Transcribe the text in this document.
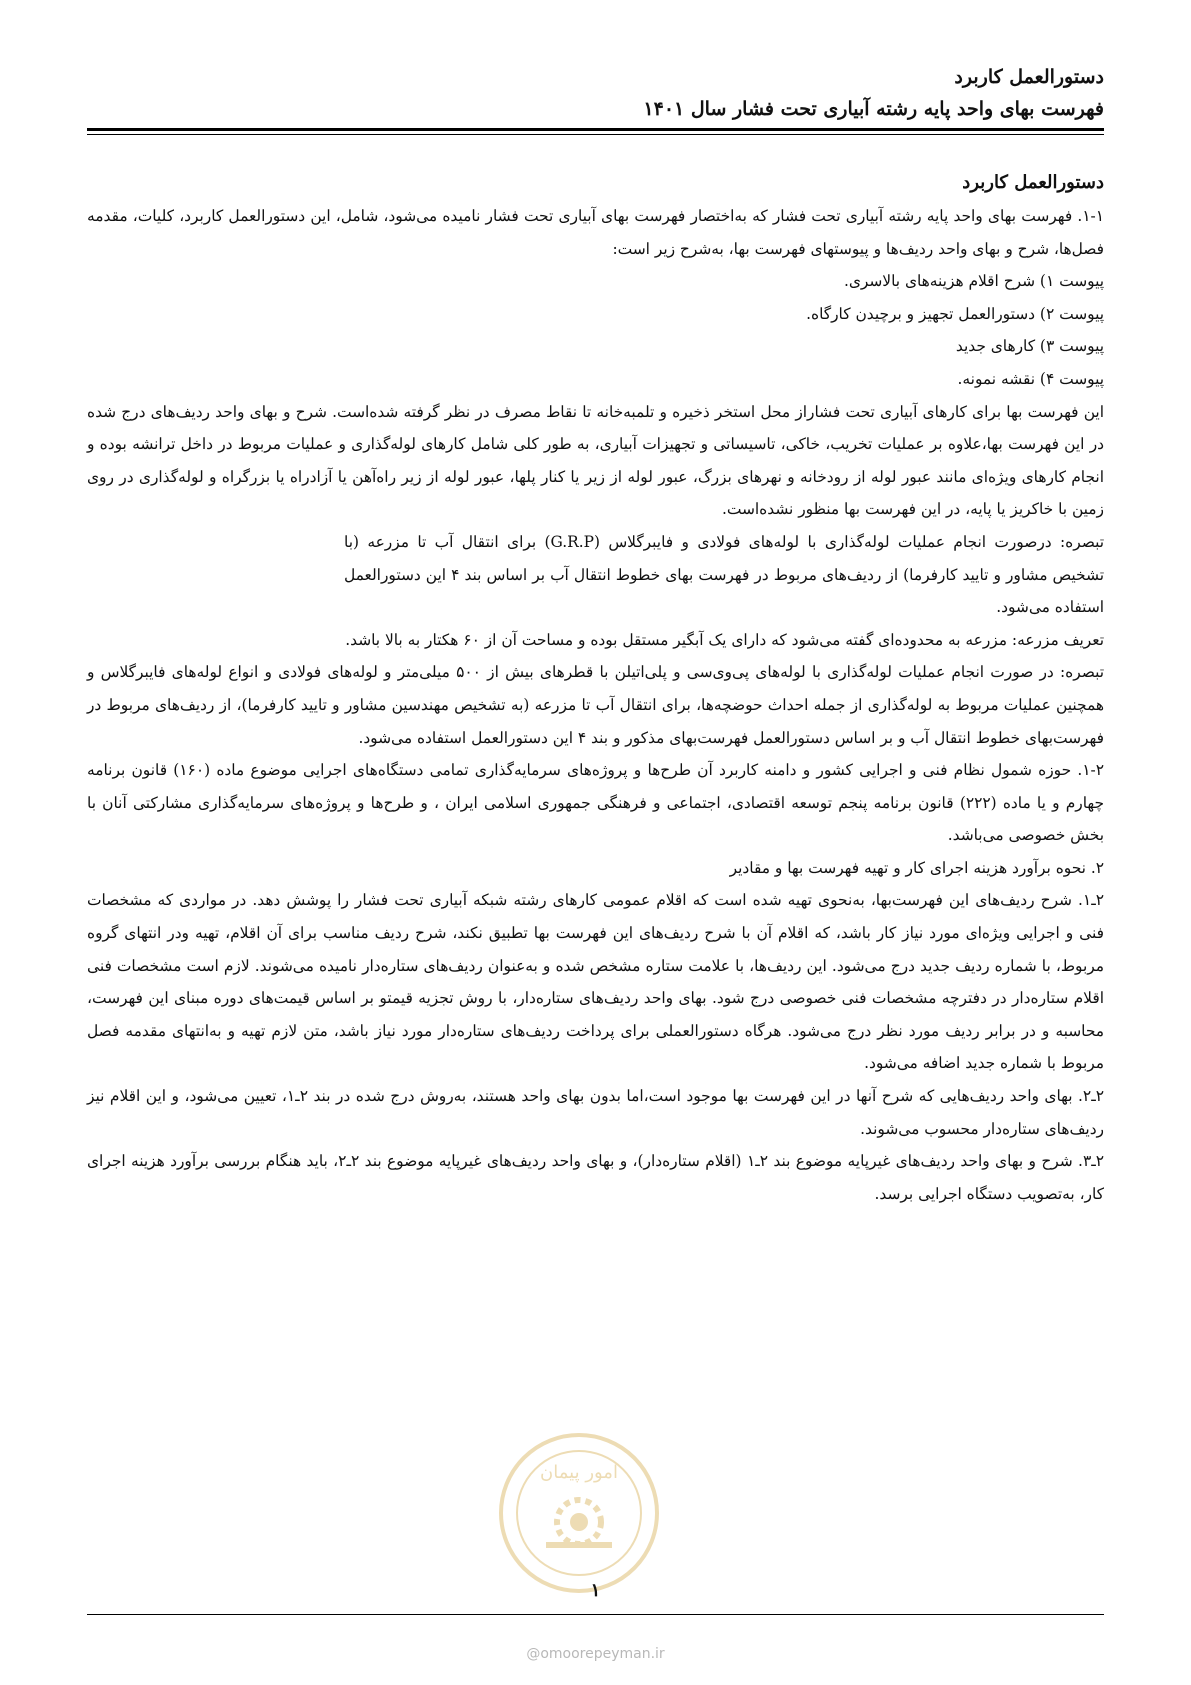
دستورالعمل کاربرد
فهرست بهای واحد پایه رشته آبیاری تحت فشار سال ۱۴۰۱
دستورالعمل کاربرد

۱-۱. فهرست بهای واحد پایه رشته آبیاری تحت فشار که به‌اختصار فهرست بهای آبیاری تحت فشار نامیده می‌شود، شامل، این دستورالعمل کاربرد، کلیات، مقدمه فصل‌ها، شرح و بهای واحد ردیف‌ها و پیوستهای فهرست بها، به‌شرح زیر است:

پیوست ۱) شرح اقلام هزینه‌های بالاسری.

پیوست ۲) دستورالعمل تجهیز و برچیدن کارگاه.

پیوست ۳) کارهای جدید

پیوست ۴) نقشه نمونه.

این فهرست بها برای کارهای آبیاری تحت فشاراز محل استخر ذخیره و تلمبه‌خانه تا نقاط مصرف در نظر گرفته شده‌است. شرح و بهای واحد ردیف‌های درج شده در این فهرست بها،علاوه بر عملیات تخریب، خاکی، تاسیساتی و تجهیزات آبیاری، به طور کلی شامل کارهای لوله‌گذاری و عملیات مربوط در داخل ترانشه بوده و انجام کارهای ویژه‌ای مانند عبور لوله از رودخانه و نهرهای بزرگ، عبور لوله از زیر یا کنار پلها، عبور لوله از زیر راه‌آهن یا آزادراه یا بزرگراه و لوله‌گذاری در روی زمین با خاکریز یا پایه، در این فهرست بها منظور نشده‌است.

تبصره: درصورت انجام عملیات لوله‌گذاری با لوله‌های فولادی و فایبرگلاس (G.R.P) برای انتقال آب تا مزرعه (با تشخیص مشاور و تایید کارفرما) از ردیف‌های مربوط در فهرست بهای خطوط انتقال آب بر اساس بند ۴ این دستورالعمل استفاده می‌شود.

تعریف مزرعه: مزرعه به محدوده‌ای گفته می‌شود که دارای یک آبگیر مستقل بوده و مساحت آن از ۶۰ هکتار به بالا باشد.

تبصره: در صورت انجام عملیات لوله‌گذاری با لوله‌های پی‌وی‌سی و پلی‌اتیلن با قطرهای بیش از ۵۰۰ میلی‌متر و لوله‌های فولادی و انواع لوله‌های فایبرگلاس و همچنین عملیات مربوط به لوله‌گذاری از جمله احداث حوضچه‌ها، برای انتقال آب تا مزرعه (به تشخیص مهندسین مشاور و تایید کارفرما)، از ردیف‌های مربوط در فهرست‌بهای خطوط انتقال آب و بر اساس دستورالعمل فهرست‌بهای مذکور و بند ۴ این دستورالعمل استفاده می‌شود.

۱-۲. حوزه شمول نظام فنی و اجرایی کشور و دامنه کاربرد آن طرح‌ها و پروژه‌های سرمایه‌گذاری تمامی دستگاه‌های اجرایی موضوع ماده (۱۶۰) قانون برنامه چهارم و یا ماده (۲۲۲) قانون برنامه پنجم توسعه اقتصادی، اجتماعی و فرهنگی جمهوری اسلامی ایران ، و طرح‌ها و پروژه‌های سرمایه‌گذاری مشارکتی آنان با بخش خصوصی می‌باشد.

۲. نحوه برآورد هزینه اجرای کار و تهیه فهرست بها و مقادیر

۲ـ۱. شرح ردیف‌های این فهرست‌بها، به‌نحوی تهیه شده است که اقلام عمومی کارهای رشته شبکه آبیاری تحت فشار را پوشش دهد. در مواردی که مشخصات فنی و اجرایی ویژه‌ای مورد نیاز کار باشد، که اقلام آن با شرح ردیف‌های این فهرست بها تطبیق نکند، شرح ردیف مناسب برای آن اقلام، تهیه ودر انتهای گروه مربوط، با شماره ردیف جدید درج می‌شود. این ردیف‌ها، با علامت ستاره مشخص شده و به‌عنوان ردیف‌های ستاره‌دار نامیده می‌شوند. لازم است مشخصات فنی اقلام ستاره‌دار در دفترچه مشخصات فنی خصوصی درج شود. بهای واحد ردیف‌های ستاره‌دار، با روش تجزیه قیمتو بر اساس قیمت‌های دوره مبنای این فهرست، محاسبه و در برابر ردیف مورد نظر درج می‌شود. هرگاه دستورالعملی برای پرداخت ردیف‌های ستاره‌دار مورد نیاز باشد، متن لازم تهیه و به‌انتهای مقدمه فصل مربوط با شماره جدید اضافه می‌شود.

۲ـ۲. بهای واحد ردیف‌هایی که شرح آنها در این فهرست بها موجود است،اما بدون بهای واحد هستند، به‌روش درج شده در بند ۲ـ۱، تعیین می‌شود، و این اقلام نیز ردیف‌های ستاره‌دار محسوب می‌شوند.

۲ـ۳. شرح و بهای واحد ردیف‌های غیرپایه موضوع بند ۲ـ۱ (اقلام ستاره‌دار)، و بهای واحد ردیف‌های غیرپایه موضوع بند ۲ـ۲، باید هنگام بررسی برآورد هزینه اجرای کار، به‌تصویب دستگاه اجرایی برسد.

امور پیمان
۱
@omoorepeyman.ir
